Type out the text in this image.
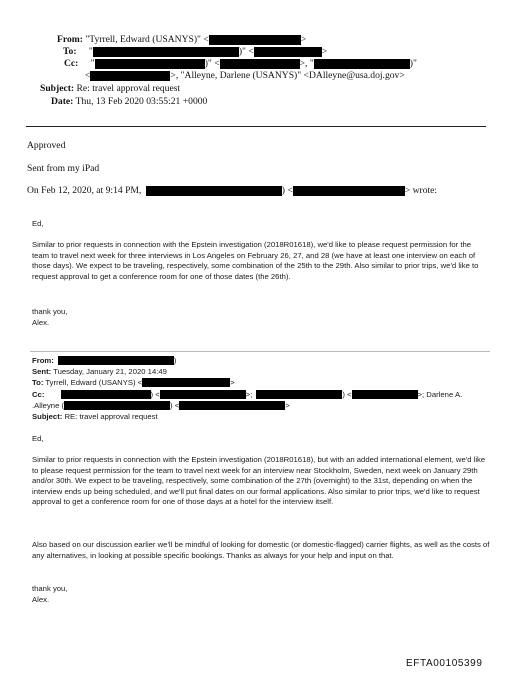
From: "Tyrrell, Edward (USANYS)" <	>
To: "	)" <	>
Cc: "	)" <	>, "	)"
<	>, "Alleyne, Darlene (USANYS)" <DAlleyne@usa.doj.gov>
Subject: Re: travel approval request
Date: Thu, 13 Feb 2020 03:55:21 +0000
Approved
Sent from my iPad
On Feb 12, 2020, at 9:14 PM,	) <	> wrote:
Ed,
Similar to prior requests in connection with the Epstein investigation (2018R01618), we'd like to please request permission for the team to travel next week for three interviews in Los Angeles on February 26, 27, and 28 (we have at least one interview on each of those days). We expect to be traveling, respectively, some combination of the 25th to the 29th. Also similar to prior trips, we'd like to request approval to get a conference room for one of those dates (the 26th).
thank you,
Alex.
From:	)
Sent: Tuesday, January 21, 2020 14:49
To: Tyrrell, Edward (USANYS) <	>
Cc:	) <	>;	) <	>; Darlene A.
.Alleyne (	) <	>
Subject: RE: travel approval request
Ed,
Similar to prior requests in connection with the Epstein investigation (2018R01618), but with an added international element, we'd like to please request permission for the team to travel next week for an interview near Stockholm, Sweden, next week on January 29th and/or 30th. We expect to be traveling, respectively, some combination of the 27th (overnight) to the 31st, depending on when the interview ends up being scheduled, and we'll put final dates on our formal applications. Also similar to prior trips, we'd like to request approval to get a conference room for one of those days at a hotel for the interview itself.
Also based on our discussion earlier we'll be mindful of looking for domestic (or domestic-flagged) carrier flights, as well as the costs of any alternatives, in looking at possible specific bookings. Thanks as always for your help and input on that.
thank you,
Alex.
EFTA00105399
